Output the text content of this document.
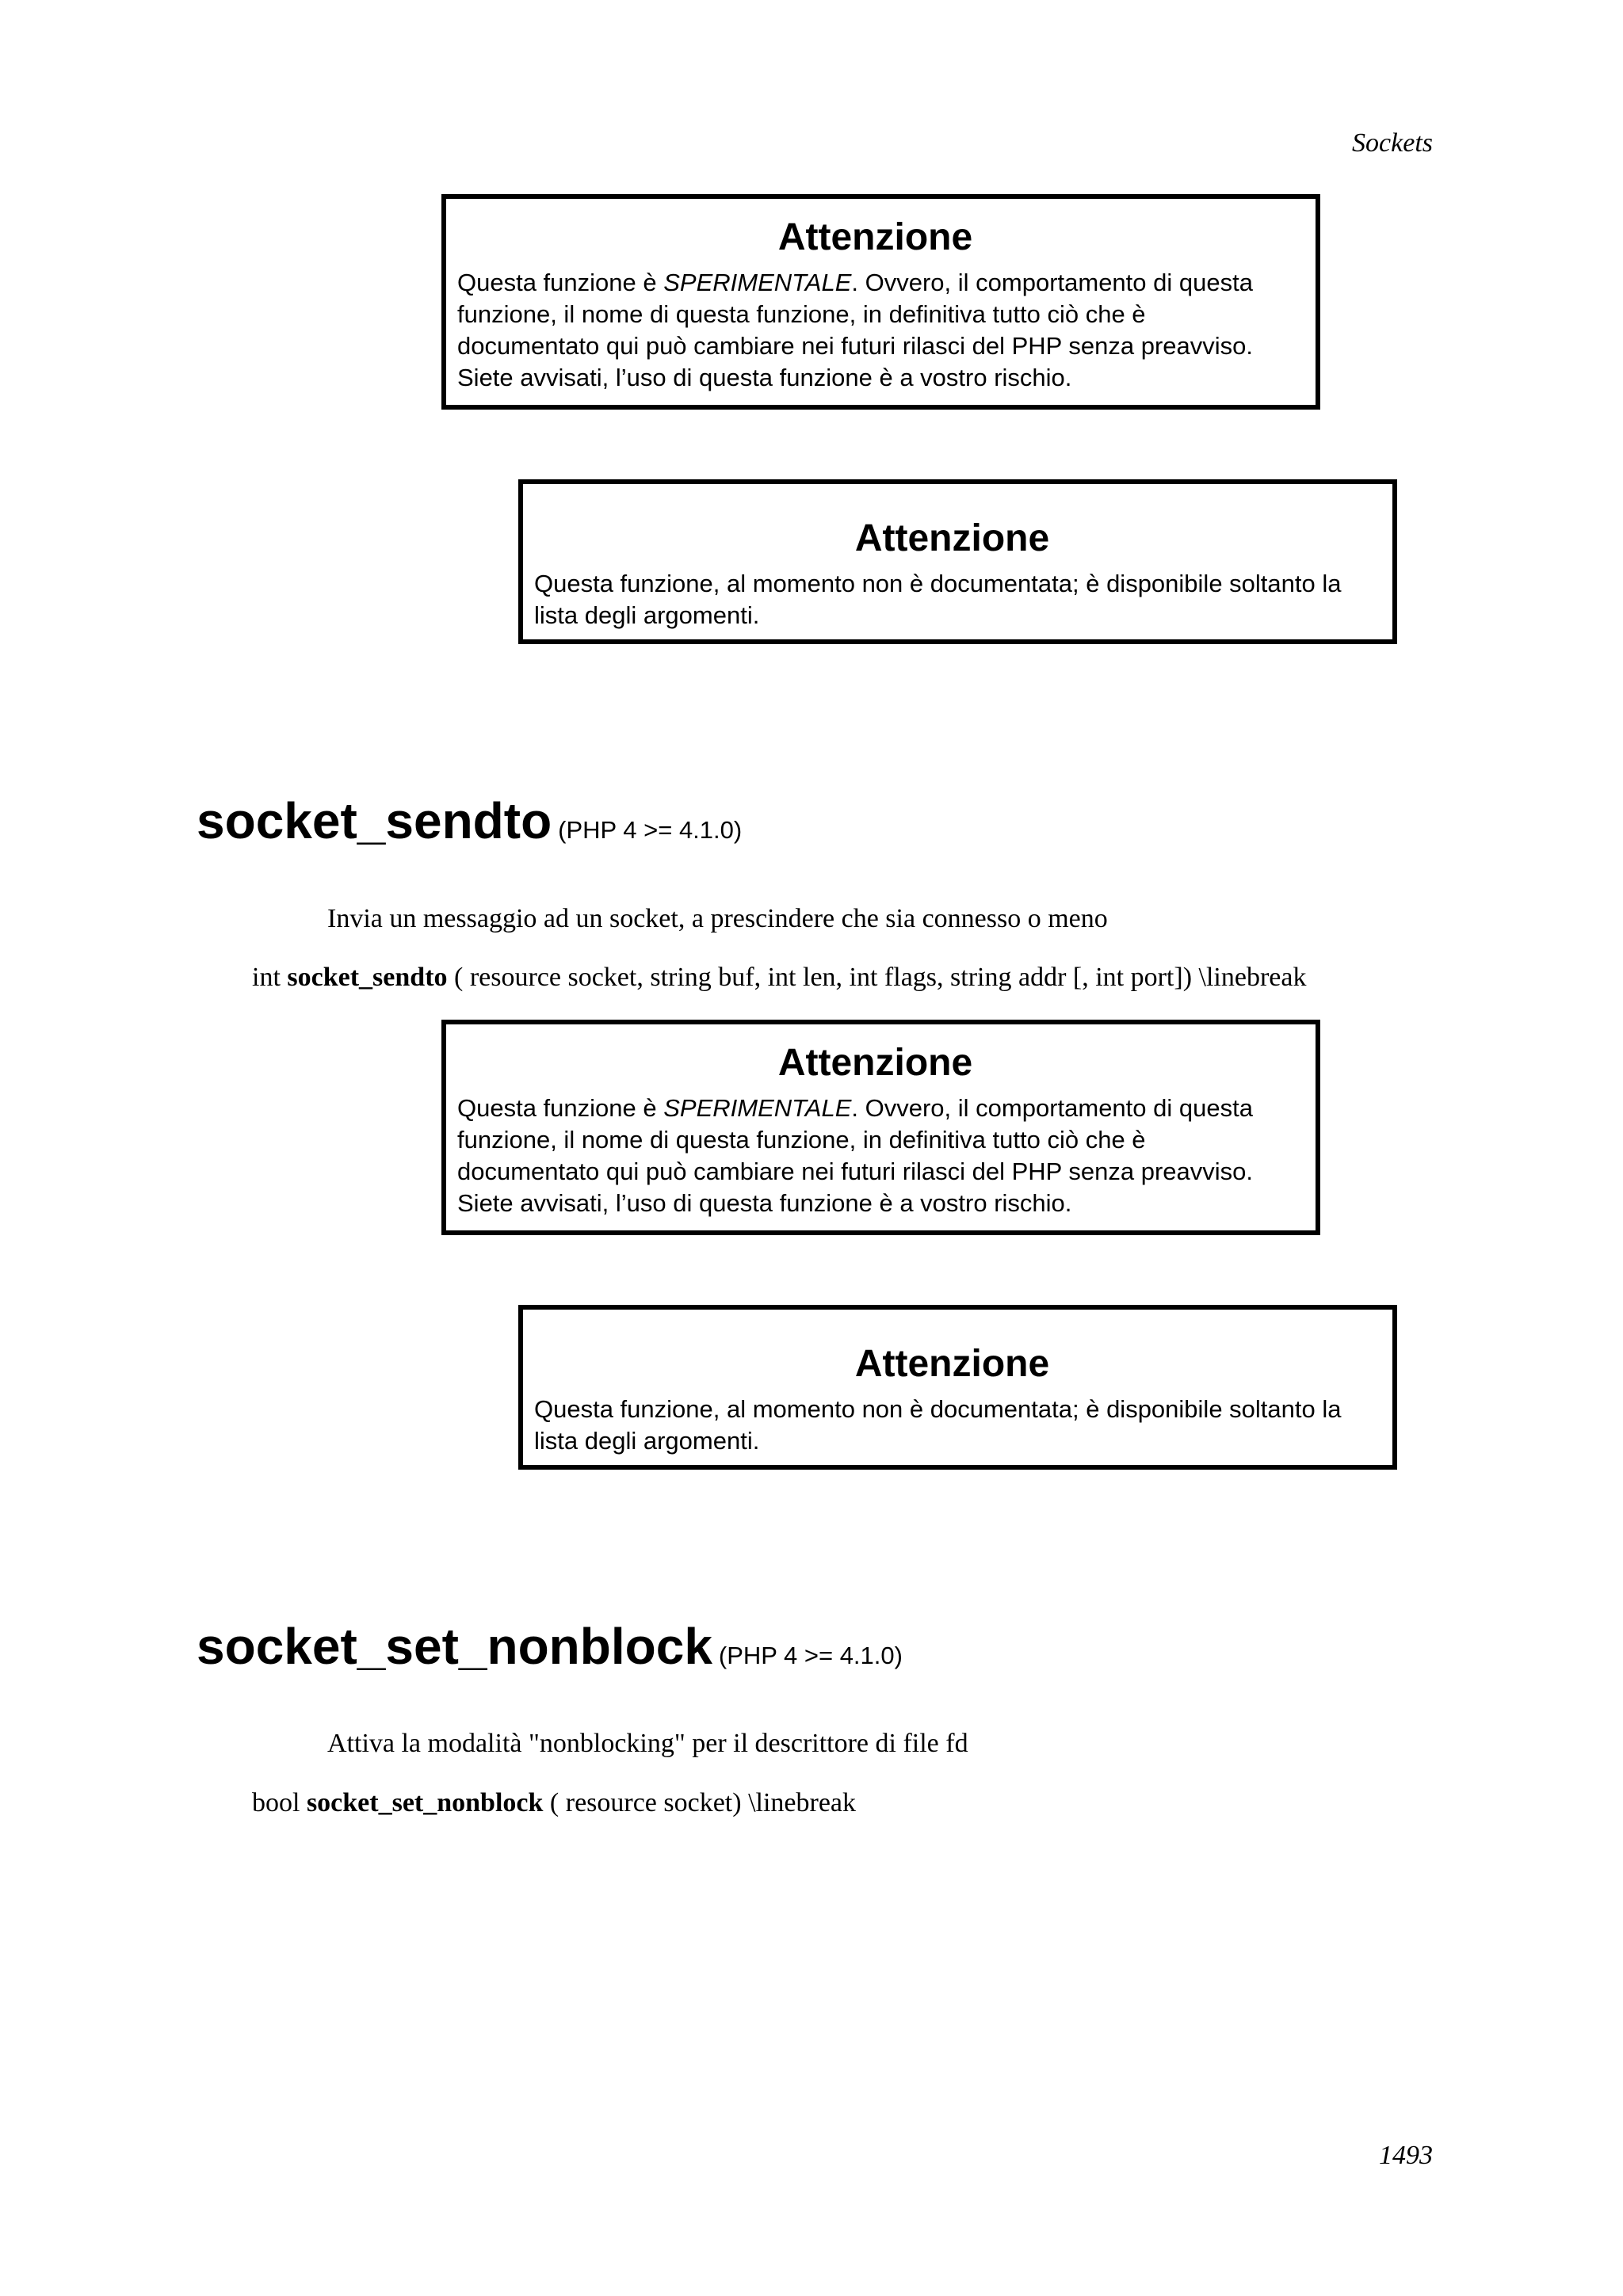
Sockets
Attenzione
Questa funzione è SPERIMENTALE. Ovvero, il comportamento di questa funzione, il nome di questa funzione, in definitiva tutto ciò che è documentato qui può cambiare nei futuri rilasci del PHP senza preavviso. Siete avvisati, l’uso di questa funzione è a vostro rischio.
Attenzione
Questa funzione, al momento non è documentata; è disponibile soltanto la lista degli argomenti.
socket_sendto (PHP 4 >= 4.1.0)
Invia un messaggio ad un socket, a prescindere che sia connesso o meno
int socket_sendto ( resource socket, string buf, int len, int flags, string addr [, int port]) \linebreak
Attenzione
Questa funzione è SPERIMENTALE. Ovvero, il comportamento di questa funzione, il nome di questa funzione, in definitiva tutto ciò che è documentato qui può cambiare nei futuri rilasci del PHP senza preavviso. Siete avvisati, l’uso di questa funzione è a vostro rischio.
Attenzione
Questa funzione, al momento non è documentata; è disponibile soltanto la lista degli argomenti.
socket_set_nonblock (PHP 4 >= 4.1.0)
Attiva la modalità "nonblocking" per il descrittore di file fd
bool socket_set_nonblock ( resource socket) \linebreak
1493
